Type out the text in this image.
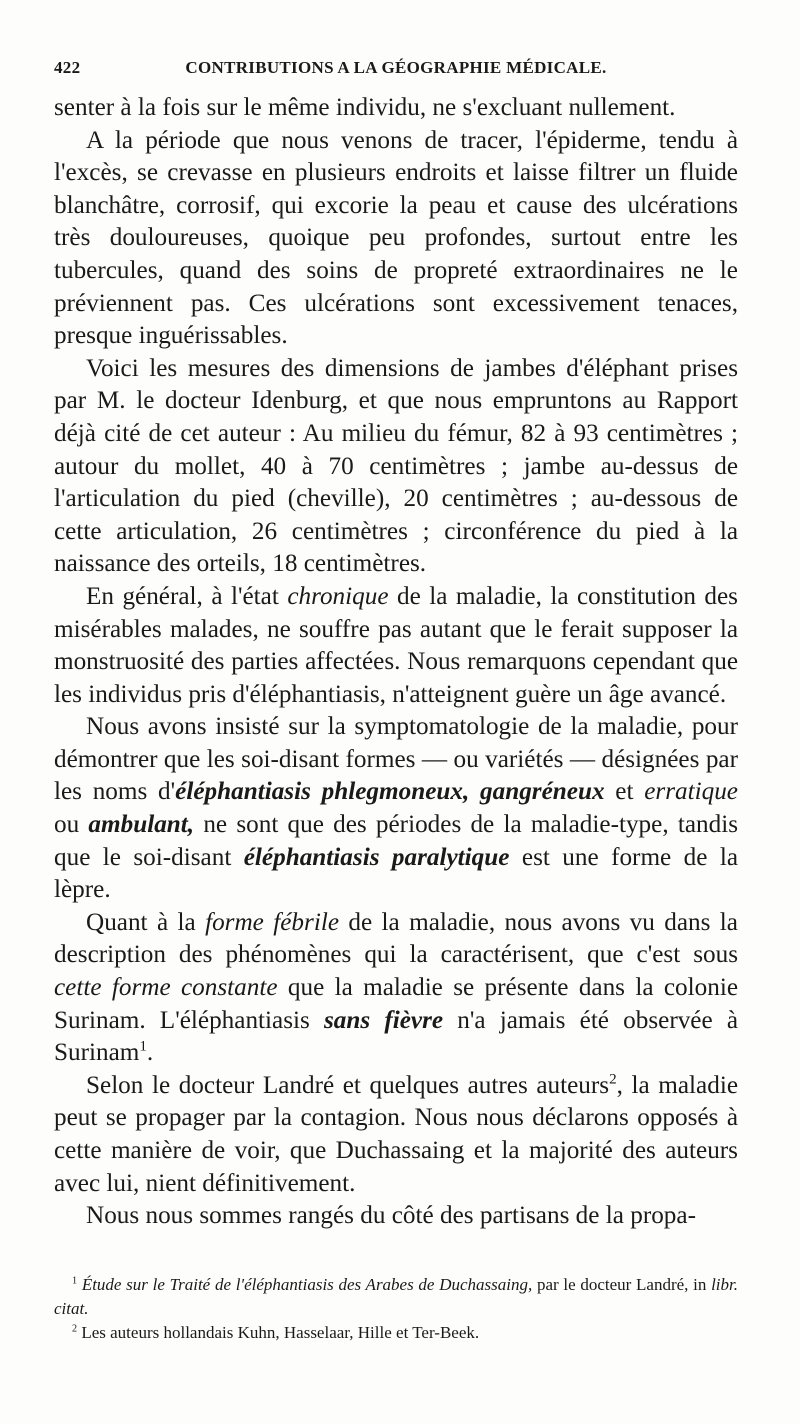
422	CONTRIBUTIONS A LA GÉOGRAPHIE MÉDICALE.

senter à la fois sur le même individu, ne s'excluant nullement.

A la période que nous venons de tracer, l'épiderme, tendu à l'excès, se crevasse en plusieurs endroits et laisse filtrer un fluide blanchâtre, corrosif, qui excorie la peau et cause des ulcérations très douloureuses, quoique peu profondes, surtout entre les tubercules, quand des soins de propreté extraordinaires ne le préviennent pas. Ces ulcérations sont excessivement tenaces, presque inguérissables.

Voici les mesures des dimensions de jambes d'éléphant prises par M. le docteur Idenburg, et que nous empruntons au Rapport déjà cité de cet auteur : Au milieu du fémur, 82 à 93 centimètres ; autour du mollet, 40 à 70 centimètres ; jambe au-dessus de l'articulation du pied (cheville), 20 centimètres ; au-dessous de cette articulation, 26 centimètres ; circonférence du pied à la naissance des orteils, 18 centimètres.

En général, à l'état chronique de la maladie, la constitution des misérables malades, ne souffre pas autant que le ferait supposer la monstruosité des parties affectées. Nous remarquons cependant que les individus pris d'éléphantiasis, n'atteignent guère un âge avancé.

Nous avons insisté sur la symptomatologie de la maladie, pour démontrer que les soi-disant formes — ou variétés — désignées par les noms d'éléphantiasis phlegmoneux, gangréneux et erratique ou ambulant, ne sont que des périodes de la maladie-type, tandis que le soi-disant éléphantiasis paralytique est une forme de la lèpre.

Quant à la forme fébrile de la maladie, nous avons vu dans la description des phénomènes qui la caractérisent, que c'est sous cette forme constante que la maladie se présente dans la colonie Surinam. L'éléphantiasis sans fièvre n'a jamais été observée à Surinam$^1$.

Selon le docteur Landré et quelques autres auteurs$^2$, la maladie peut se propager par la contagion. Nous nous déclarons opposés à cette manière de voir, que Duchassaing et la majorité des auteurs avec lui, nient définitivement.

Nous nous sommes rangés du côté des partisans de la propa-

$^1$ Étude sur le Traité de l'éléphantiasis des Arabes de Duchassaing, par le docteur Landré, in libr. citat.

$^2$ Les auteurs hollandais Kuhn, Hasselaar, Hille et Ter-Beek.
